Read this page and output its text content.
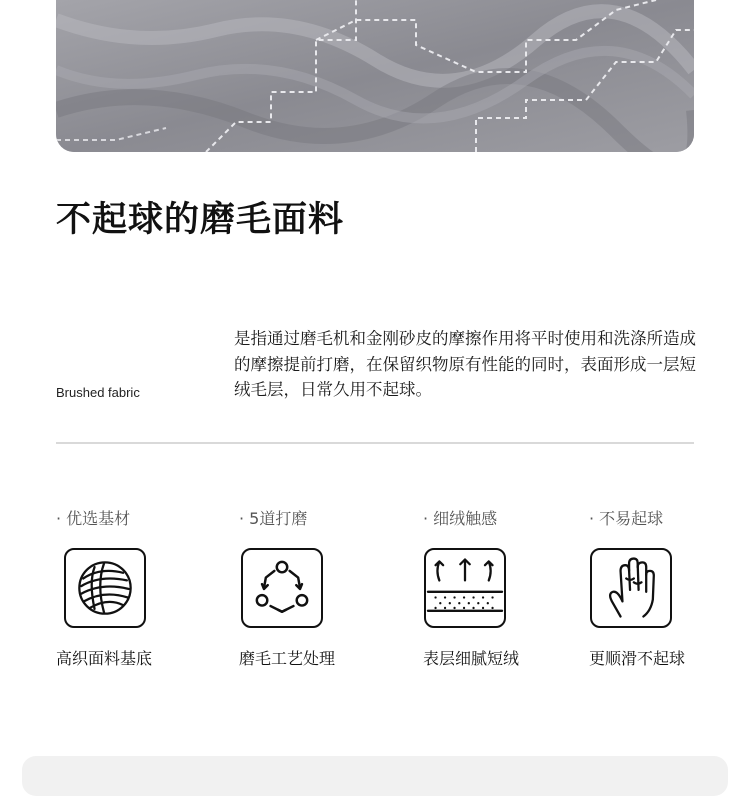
不起球的磨毛面料
Brushed fabric

是指通过磨毛机和金刚砂皮的摩擦作用将平时使用和洗涤所造成的摩擦提前打磨，在保留织物原有性能的同时，表面形成一层短绒毛层，日常久用不起球。

· 优选基材
高织面料基底
· 5道打磨
磨毛工艺处理
· 细绒触感
表层细腻短绒
· 不易起球
更顺滑不起球
